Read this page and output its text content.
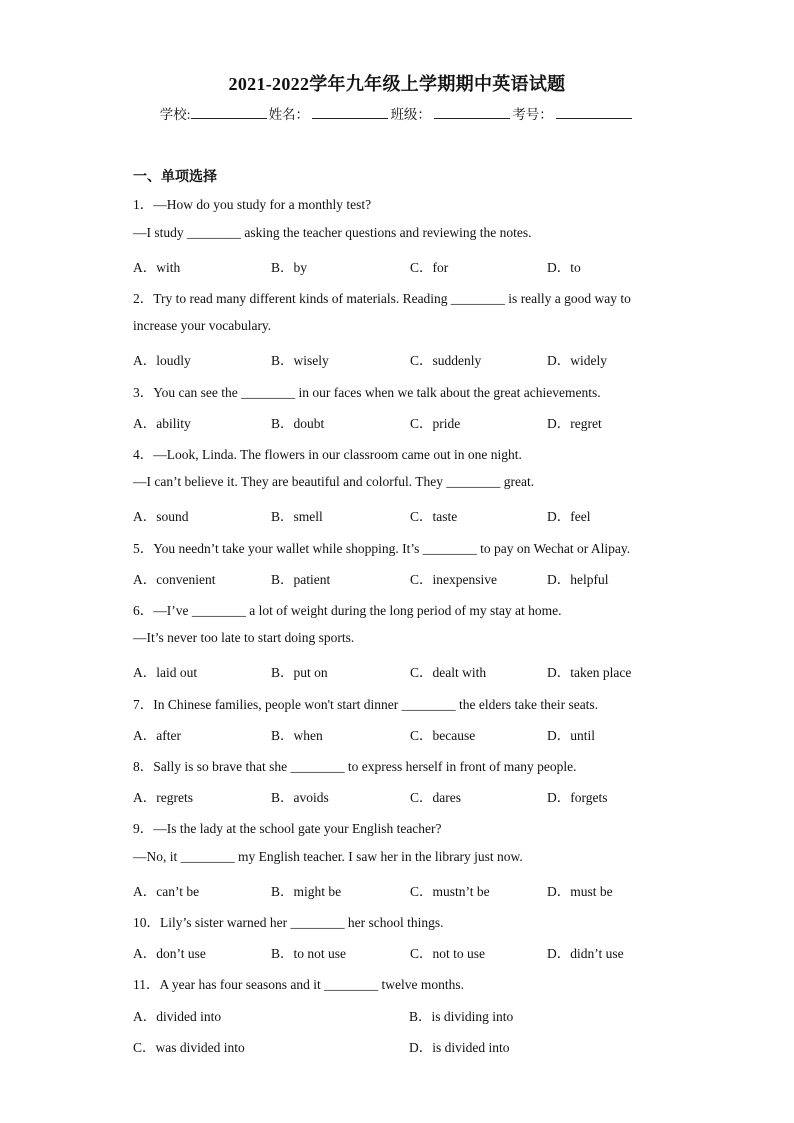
2021-2022学年九年级上学期期中英语试题
学校:	姓名：	班级：	考号：
一、单项选择
1．—How do you study for a monthly test?
—I study ________ asking the teacher questions and reviewing the notes.
A．with	B．by	C．for	D．to
2．Try to read many different kinds of materials. Reading ________ is really a good way to
increase your vocabulary.
A．loudly	B．wisely	C．suddenly	D．widely
3．You can see the ________ in our faces when we talk about the great achievements.
A．ability	B．doubt	C．pride	D．regret
4．—Look, Linda. The flowers in our classroom came out in one night.
—I can’t believe it. They are beautiful and colorful. They ________ great.
A．sound	B．smell	C．taste	D．feel
5．You needn’t take your wallet while shopping. It’s ________ to pay on Wechat or Alipay.
A．convenient	B．patient	C．inexpensive	D．helpful
6．—I’ve ________ a lot of weight during the long period of my stay at home.
—It’s never too late to start doing sports.
A．laid out	B．put on	C．dealt with	D．taken place
7．In Chinese families, people won't start dinner ________ the elders take their seats.
A．after	B．when	C．because	D．until
8．Sally is so brave that she ________ to express herself in front of many people.
A．regrets	B．avoids	C．dares	D．forgets
9．—Is the lady at the school gate your English teacher?
—No, it ________ my English teacher. I saw her in the library just now.
A．can’t be	B．might be	C．mustn’t be	D．must be
10．Lily’s sister warned her ________ her school things.
A．don’t use	B．to not use	C．not to use	D．didn’t use
11．A year has four seasons and it ________ twelve months.
A．divided into	B．is dividing into
C．was divided into	D．is divided into
